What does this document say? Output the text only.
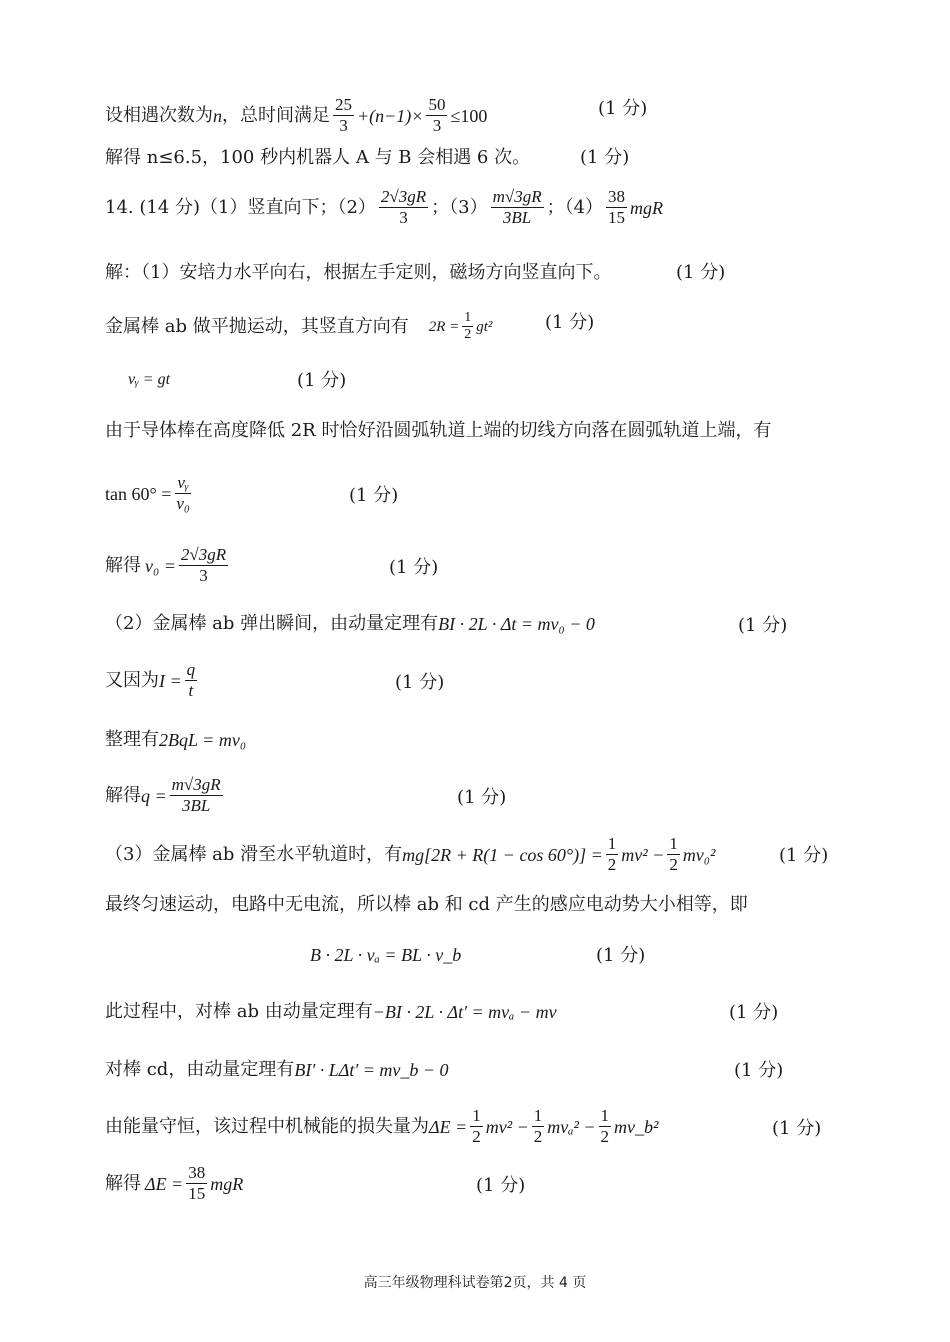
设相遇次数为 n ，总时间满足 $\frac{25}{3} +(n-1)\times \frac{50}{3} \le 100$	(1 分)
解得 n≤6.5，100 秒内机器人 A 与 B 会相遇 6 次。	(1 分)
14. (14 分)（1）竖直向下；$(2) \frac{2√3gR}{3}$ ；$(3) \frac{m√3gR}{3BL}$ ；$(4) \frac{38}{15}$ mgR
解：（1）安培力水平向右，根据左手定则，磁场方向竖直向下。	(1 分)
金属棒 ab 做平抛运动，其竖直方向有 $2R = \frac{1}{2} gt^2$	(1 分)
vᵧ = gt	(1 分)
由于导体棒在高度降低 2R 时恰好沿圆弧轨道上端的切线方向落在圆弧轨道上端，有
$\tan 60^\circ = \frac{\text{vᵧ}}{\text{v₀}}$	(1 分)
解得 $v_0 = \frac{2√3gR}{3}$	(1 分)
（2）金属棒 ab 弹出瞬间，由动量定理有 BI · 2L · Δt = mv₀ − 0	(1 分)
又因为 $I = \frac{q}{t}$	(1 分)
整理有 2BqL = mv₀
解得 $q = \frac{m√3gR}{3BL}$	(1 分)
（3）金属棒 ab 滑至水平轨道时，有 $mg[2R + R(1 - \cos 60^\circ)] = \frac{1}{2} mv^2 - \frac{1}{2} mv_0^2$	(1 分)
最终匀速运动，电路中无电流，所以棒 ab 和 cd 产生的感应电动势大小相等，即
B · 2L · vₐ = BL · v_b	(1 分)
此过程中，对棒 ab 由动量定理有 −BI · 2L · Δt′ = mvₐ − mv	(1 分)
对棒 cd，由动量定理有 BI′ · LΔt′ = mv_b − 0	(1 分)
由能量守恒，该过程中机械能的损失量为 $\Delta E = \frac{1}{2} mv^2 - \frac{1}{2} mv_a^2 - \frac{1}{2}$ mv_b²	(1 分)
解得 $\Delta E = \frac{38}{15}$ mgR	(1 分)
高三年级物理科试卷第2页，共 4 页
